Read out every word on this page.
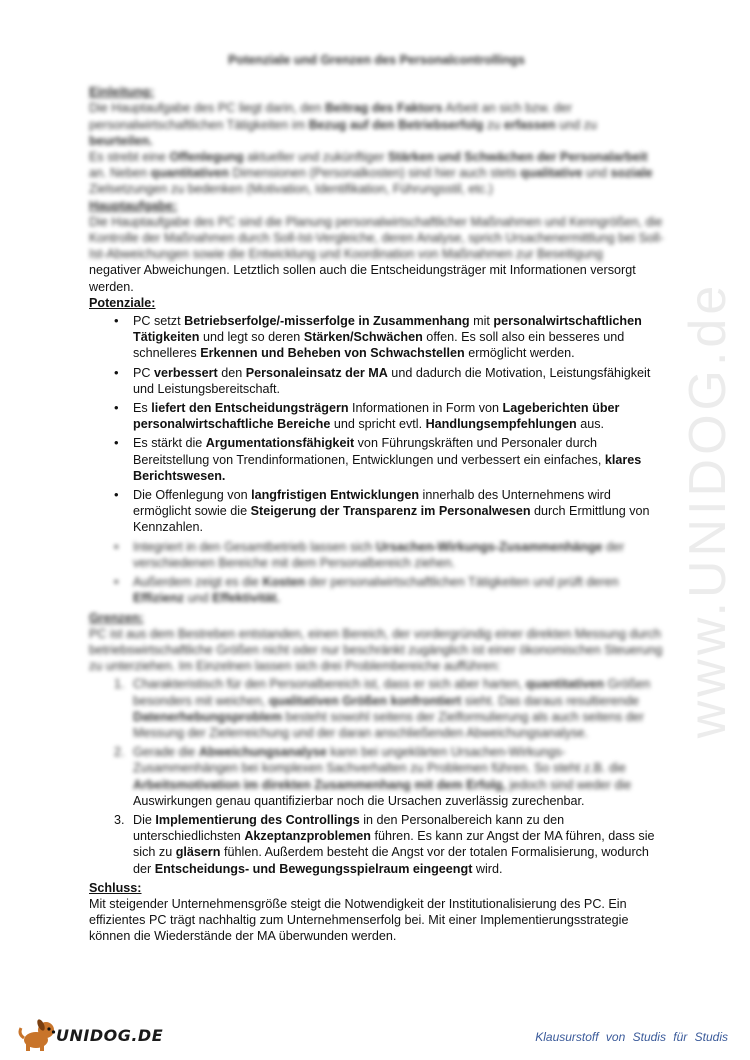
Potenziale und Grenzen des Personalcontrollings

Einleitung:

Die Hauptaufgabe des PC liegt darin, den Beitrag des Faktors Arbeit an sich bzw. der personalwirtschaftlichen Tätigkeiten im Bezug auf den Betriebserfolg zu erfassen und zu beurteilen.

Es strebt eine Offenlegung aktueller und zukünftiger Stärken und Schwächen der Personalarbeit an. Neben quantitativen Dimensionen (Personalkosten) sind hier auch stets qualitative und soziale Zielsetzungen zu bedenken (Motivation, Identifikation, Führungsstil, etc.)

Hauptaufgabe:

Die Hauptaufgabe des PC sind die Planung personalwirtschaftlicher Maßnahmen und Kenngrößen, die Kontrolle der Maßnahmen durch Soll-Ist-Vergleiche, deren Analyse, sprich Ursachenermittlung bei Soll-Ist-Abweichungen sowie die Entwicklung und Koordination von Maßnahmen zur Beseitigung

negativer Abweichungen. Letztlich sollen auch die Entscheidungsträger mit Informationen versorgt werden.

Potenziale:

• PC setzt Betriebserfolge/-misserfolge in Zusammenhang mit personalwirtschaftlichen Tätigkeiten und legt so deren Stärken/Schwächen offen. Es soll also ein besseres und schnelleres Erkennen und Beheben von Schwachstellen ermöglicht werden.
• PC verbessert den Personaleinsatz der MA und dadurch die Motivation, Leistungsfähigkeit und Leistungsbereitschaft.
• Es liefert den Entscheidungsträgern Informationen in Form von Lageberichten über personalwirtschaftliche Bereiche und spricht evtl. Handlungsempfehlungen aus.
• Es stärkt die Argumentationsfähigkeit von Führungskräften und Personaler durch Bereitstellung von Trendinformationen, Entwicklungen und verbessert ein einfaches, klares Berichtswesen.
• Die Offenlegung von langfristigen Entwicklungen innerhalb des Unternehmens wird ermöglicht sowie die Steigerung der Transparenz im Personalwesen durch Ermittlung von Kennzahlen.
• Integriert in den Gesamtbetrieb lassen sich Ursachen-Wirkungs-Zusammenhänge der verschiedenen Bereiche mit dem Personalbereich ziehen.
• Außerdem zeigt es die Kosten der personalwirtschaftlichen Tätigkeiten und prüft deren Effizienz und Effektivität.

Grenzen:

PC ist aus dem Bestreben entstanden, einen Bereich, der vordergründig einer direkten Messung durch betriebswirtschaftliche Größen nicht oder nur beschränkt zugänglich ist einer ökonomischen Steuerung zu unterziehen. Im Einzelnen lassen sich drei Problembereiche aufführen:

1. Charakteristisch für den Personalbereich ist, dass er sich aber harten, quantitativen Größen besonders mit weichen, qualitativen Größen konfrontiert sieht. Das daraus resultierende Datenerhebungsproblem besteht sowohl seitens der Zielformulierung als auch seitens der Messung der Zielerreichung und der daran anschließenden Abweichungsanalyse.
2. Gerade die Abweichungsanalyse kann bei ungeklärten Ursachen-Wirkungs-Zusammenhängen bei komplexen Sachverhalten zu Problemen führen. So steht z.B. die Arbeitsmotivation im direkten Zusammenhang mit dem Erfolg, jedoch sind weder die
Auswirkungen genau quantifizierbar noch die Ursachen zuverlässig zurechenbar.
3. Die Implementierung des Controllings in den Personalbereich kann zu den unterschiedlichsten Akzeptanzproblemen führen. Es kann zur Angst der MA führen, dass sie sich zu gläsern fühlen. Außerdem besteht die Angst vor der totalen Formalisierung, wodurch der Entscheidungs- und Bewegungsspielraum eingeengt wird.

Schluss:

Mit steigender Unternehmensgröße steigt die Notwendigkeit der Institutionalisierung des PC. Ein effizientes PC trägt nachhaltig zum Unternehmenserfolg bei. Mit einer Implementierungsstrategie können die Wiederstände der MA überwunden werden.

www.UNIDOG.de
UNIDOG.DE	Klausurstoff von Studis für Studis
